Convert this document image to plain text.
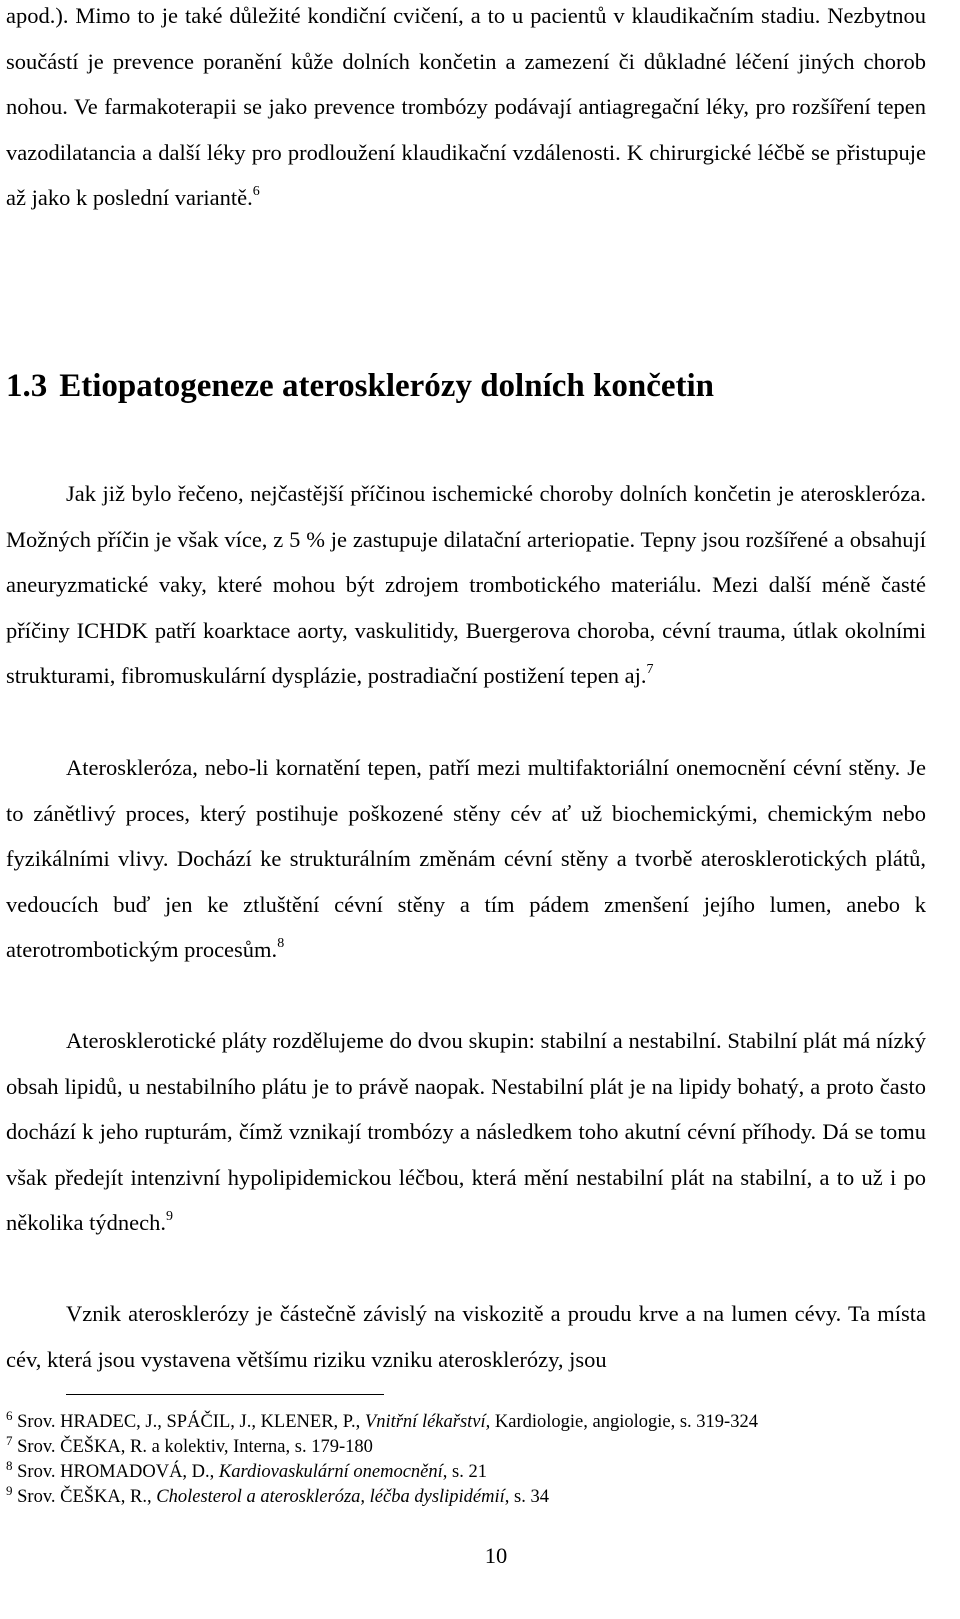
apod.). Mimo to je také důležité kondiční cvičení, a to u pacientů v klaudikačním stadiu. Nezbytnou součástí je prevence poranění kůže dolních končetin a zamezení či důkladné léčení jiných chorob nohou. Ve farmakoterapii se jako prevence trombózy podávají antiagregační léky, pro rozšíření tepen vazodilatancia a další léky pro prodloužení klaudikační vzdálenosti. K chirurgické léčbě se přistupuje až jako k poslední variantě.$^6$

1.3 Etiopatogeneze aterosklerózy dolních končetin

Jak již bylo řečeno, nejčastější příčinou ischemické choroby dolních končetin je ateroskleróza. Možných příčin je však více, z 5 % je zastupuje dilatační arteriopatie. Tepny jsou rozšířené a obsahují aneuryzmatické vaky, které mohou být zdrojem trombotického materiálu. Mezi další méně časté příčiny ICHDK patří koarktace aorty, vaskulitidy, Buergerova choroba, cévní trauma, útlak okolními strukturami, fibromuskulární dysplázie, postradiační postižení tepen aj.$^7$

Ateroskleróza, nebo-li kornatění tepen, patří mezi multifaktoriální onemocnění cévní stěny. Je to zánětlivý proces, který postihuje poškozené stěny cév ať už biochemickými, chemickým nebo fyzikálními vlivy. Dochází ke strukturálním změnám cévní stěny a tvorbě aterosklerotických plátů, vedoucích buď jen ke ztluštění cévní stěny a tím pádem zmenšení jejího lumen, anebo k aterotrombotickým procesům.$^8$

Aterosklerotické pláty rozdělujeme do dvou skupin: stabilní a nestabilní. Stabilní plát má nízký obsah lipidů, u nestabilního plátu je to právě naopak. Nestabilní plát je na lipidy bohatý, a proto často dochází k jeho rupturám, čímž vznikají trombózy a následkem toho akutní cévní příhody. Dá se tomu však předejít intenzivní hypolipidemickou léčbou, která mění nestabilní plát na stabilní, a to už i po několika týdnech.$^9$

Vznik aterosklerózy je částečně závislý na viskozitě a proudu krve a na lumen cévy. Ta místa cév, která jsou vystavena většímu riziku vzniku aterosklerózy, jsou

$^6$ Srov. HRADEC, J., SPÁČIL, J., KLENER, P., Vnitřní lékařství, Kardiologie, angiologie, s. 319-324
$^7$ Srov. ČEŠKA, R. a kolektiv, Interna, s. 179-180
$^8$ Srov. HROMADOVÁ, D., Kardiovaskulární onemocnění, s. 21
$^9$ Srov. ČEŠKA, R., Cholesterol a ateroskleróza, léčba dyslipidémií, s. 34

10
